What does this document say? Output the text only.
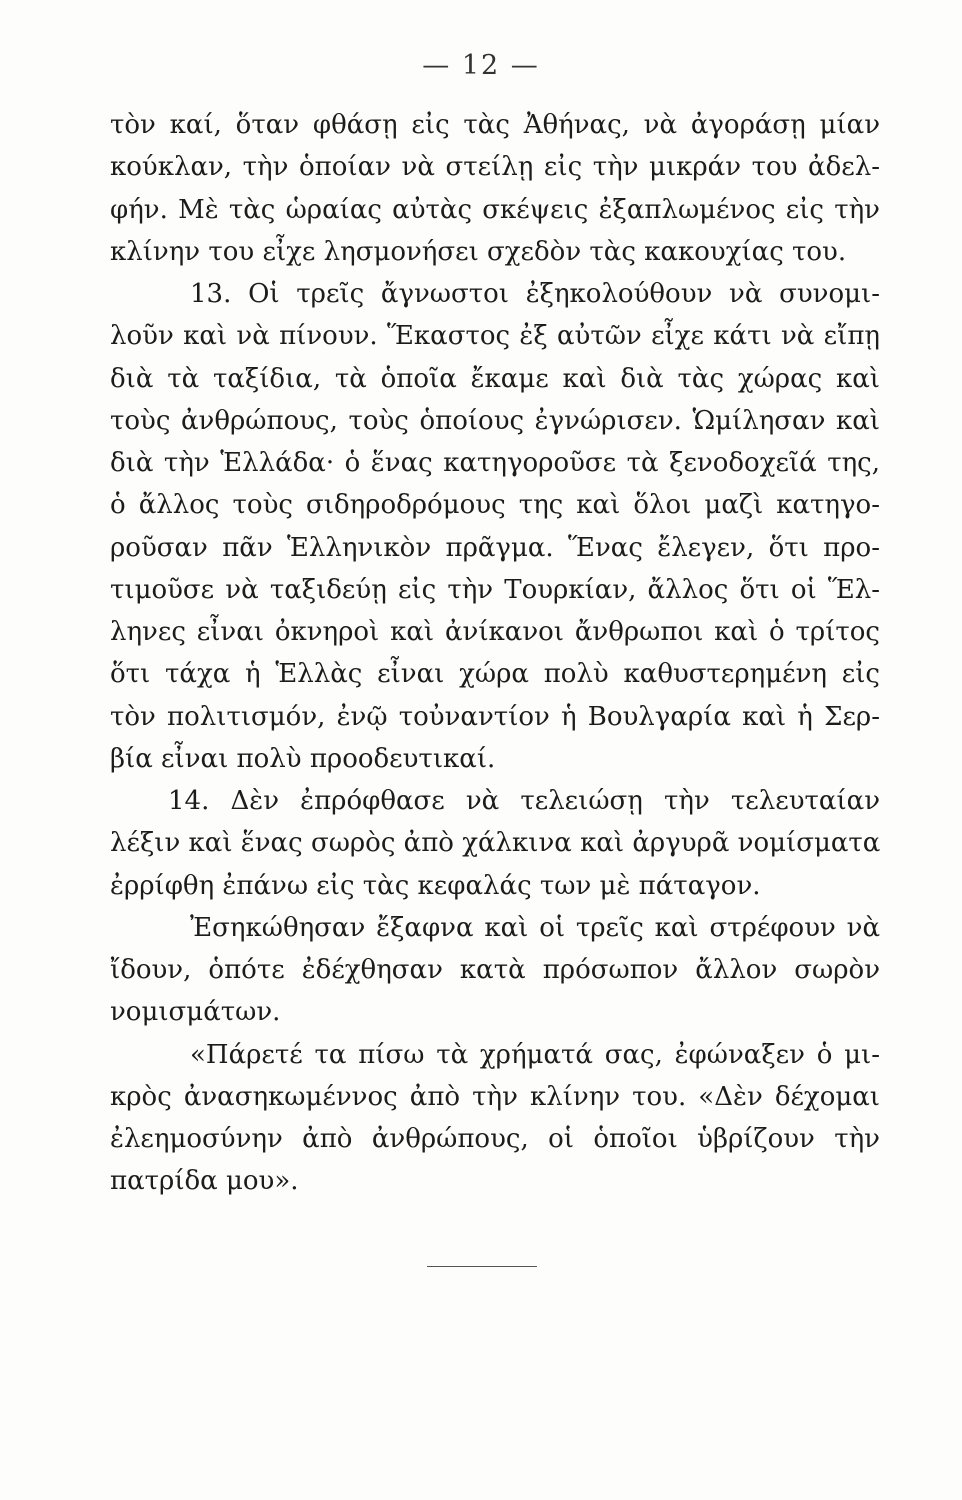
— 12 —
τὸν καί, ὅταν φθάσῃ εἰς τὰς Ἀθήνας, νὰ ἀγοράσῃ μίαν
κούκλαν, τὴν ὁποίαν νὰ στείλῃ εἰς τὴν μικράν του ἀδελ-
φήν. Μὲ τὰς ὡραίας αὐτὰς σκέψεις ἐξαπλωμένος εἰς τὴν
κλίνην του εἶχε λησμονήσει σχεδὸν τὰς κακουχίας του.
13. Οἱ τρεῖς ἄγνωστοι ἐξηκολούθουν νὰ συνομι-
λοῦν καὶ νὰ πίνουν. Ἕκαστος ἐξ αὐτῶν εἶχε κάτι νὰ εἴπῃ
διὰ τὰ ταξίδια, τὰ ὁποῖα ἔκαμε καὶ διὰ τὰς χώρας καὶ
τοὺς ἀνθρώπους, τοὺς ὁποίους ἐγνώρισεν. Ὡμίλησαν καὶ
διὰ τὴν Ἑλλάδα· ὁ ἕνας κατηγοροῦσε τὰ ξενοδοχεῖά της,
ὁ ἄλλος τοὺς σιδηροδρόμους της καὶ ὅλοι μαζὶ κατηγο-
ροῦσαν πᾶν Ἑλληνικὸν πρᾶγμα. Ἕνας ἔλεγεν, ὅτι προ-
τιμοῦσε νὰ ταξιδεύῃ εἰς τὴν Τουρκίαν, ἄλλος ὅτι οἱ Ἕλ-
ληνες εἶναι ὀκνηροὶ καὶ ἀνίκανοι ἄνθρωποι καὶ ὁ τρίτος
ὅτι τάχα ἡ Ἑλλὰς εἶναι χώρα πολὺ καθυστερημένη εἰς
τὸν πολιτισμόν, ἐνῷ τοὐναντίον ἡ Βουλγαρία καὶ ἡ Σερ-
βία εἶναι πολὺ προοδευτικαί.
14. Δὲν ἐπρόφθασε νὰ τελειώσῃ τὴν τελευταίαν
λέξιν καὶ ἕνας σωρὸς ἀπὸ χάλκινα καὶ ἀργυρᾶ νομίσματα
ἐρρίφθη ἐπάνω εἰς τὰς κεφαλάς των μὲ πάταγον.
Ἐσηκώθησαν ἔξαφνα καὶ οἱ τρεῖς καὶ στρέφουν νὰ
ἴδουν, ὁπότε ἐδέχθησαν κατὰ πρόσωπον ἄλλον σωρὸν
νομισμάτων.
«Πάρετέ τα πίσω τὰ χρήματά σας, ἐφώναξεν ὁ μι-
κρὸς ἀνασηκωμέννος ἀπὸ τὴν κλίνην του. «Δὲν δέχομαι
ἐλεημοσύνην ἀπὸ ἀνθρώπους, οἱ ὁποῖοι ὑβρίζουν τὴν
πατρίδα μου».
